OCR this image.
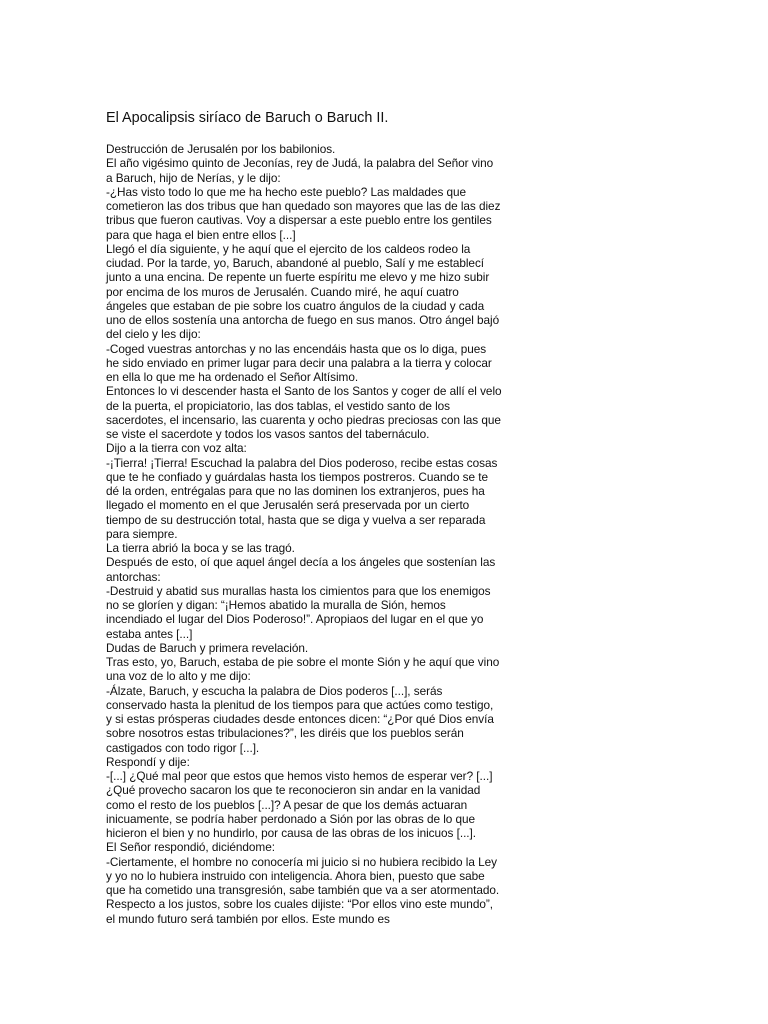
El Apocalipsis siríaco de Baruch o Baruch II.

Destrucción de Jerusalén por los babilonios.

El año vigésimo quinto de Jeconías, rey de Judá, la palabra del Señor vino a Baruch, hijo de Nerías, y le dijo:

-¿Has visto todo lo que me ha hecho este pueblo? Las maldades que cometieron las dos tribus que han quedado son mayores que las de las diez tribus que fueron cautivas. Voy a dispersar a este pueblo entre los gentiles para que haga el bien entre ellos [...]

Llegó el día siguiente, y he aquí que el ejercito de los caldeos rodeo la ciudad. Por la tarde, yo, Baruch, abandoné al pueblo, Salí y me establecí junto a una encina. De repente un fuerte espíritu me elevo y me hizo subir por encima de los muros de Jerusalén. Cuando miré, he aquí cuatro ángeles que estaban de pie sobre los cuatro ángulos de la ciudad y cada uno de ellos sostenía una antorcha de fuego en sus manos. Otro ángel bajó del cielo y les dijo:

-Coged vuestras antorchas y no las encendáis hasta que os lo diga, pues he sido enviado en primer lugar para decir una palabra a la tierra y colocar en ella lo que me ha ordenado el Señor Altísimo.

Entonces lo vi descender hasta el Santo de los Santos y coger de allí el velo de la puerta, el propiciatorio, las dos tablas, el vestido santo de los sacerdotes, el incensario, las cuarenta y ocho piedras preciosas con las que se viste el sacerdote y todos los vasos santos del tabernáculo.

Dijo a la tierra con voz alta:

-¡Tierra! ¡Tierra! Escuchad la palabra del Dios poderoso, recibe estas cosas que te he confiado y guárdalas hasta los tiempos postreros. Cuando se te dé la orden, entrégalas para que no las dominen los extranjeros, pues ha llegado el momento en el que Jerusalén será preservada por un cierto tiempo de su destrucción total, hasta que se diga y vuelva a ser reparada para siempre.

La tierra abrió la boca y se las tragó.

Después de esto, oí que aquel ángel decía a los ángeles que sostenían las antorchas:

-Destruid y abatid sus murallas hasta los cimientos para que los enemigos no se gloríen y digan: “¡Hemos abatido la muralla de Sión, hemos incendiado el lugar del Dios Poderoso!”. Apropiaos del lugar en el que yo estaba antes [...]

Dudas de Baruch y primera revelación.

Tras esto, yo, Baruch, estaba de pie sobre el monte Sión y he aquí que vino una voz de lo alto y me dijo:

-Álzate, Baruch, y escucha la palabra de Dios poderos [...], serás conservado hasta la plenitud de los tiempos para que actúes como testigo, y si estas prósperas ciudades desde entonces dicen: “¿Por qué Dios envía sobre nosotros estas tribulaciones?”, les diréis que los pueblos serán castigados con todo rigor [...].

Respondí y dije:

-[...] ¿Qué mal peor que estos que hemos visto hemos de esperar ver? [...] ¿Qué provecho sacaron los que te reconocieron sin andar en la vanidad como el resto de los pueblos [...]? A pesar de que los demás actuaran inicuamente, se podría haber perdonado a Sión por las obras de lo que hicieron el bien y no hundirlo, por causa de las obras de los inicuos [...].

El Señor respondió, diciéndome:

-Ciertamente, el hombre no conocería mi juicio si no hubiera recibido la Ley y yo no lo hubiera instruido con inteligencia. Ahora bien, puesto que sabe que ha cometido una transgresión, sabe también que va a ser atormentado. Respecto a los justos, sobre los cuales dijiste: “Por ellos vino este mundo”, el mundo futuro será también por ellos. Este mundo es
